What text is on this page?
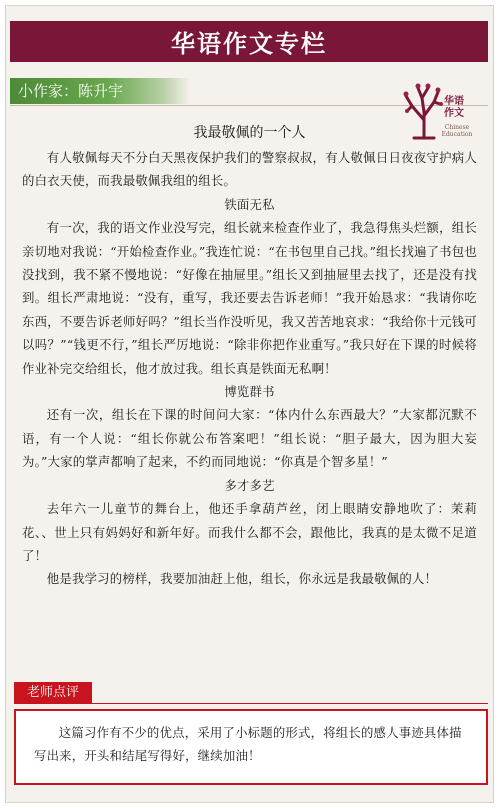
华语作文专栏
小作家：陈升宇
华语
作文
Chinese
Education
我最敬佩的一个人

有人敬佩每天不分白天黑夜保护我们的警察叔叔，有人敬佩日日夜夜守护病人的白衣天使，而我最敬佩我组的组长。

铁面无私

有一次，我的语文作业没写完，组长就来检查作业了，我急得焦头烂额，组长亲切地对我说：“开始检查作业。”我连忙说：“在书包里自己找。”组长找遍了书包也没找到，我不紧不慢地说：“好像在抽屉里。”组长又到抽屉里去找了，还是没有找到。组长严肃地说：“没有，重写，我还要去告诉老师！”我开始恳求：“我请你吃东西，不要告诉老师好吗？”组长当作没听见，我又苦苦地哀求：“我给你十元钱可以吗？”“钱更不行，”组长严厉地说：“除非你把作业重写。”我只好在下课的时候将作业补完交给组长，他才放过我。组长真是铁面无私啊！

博览群书

还有一次，组长在下课的时间问大家：“体内什么东西最大？”大家都沉默不语，有一个人说：“组长你就公布答案吧！”组长说：“胆子最大，因为胆大妄为。”大家的掌声都响了起来，不约而同地说：“你真是个智多星！”

多才多艺

去年六一儿童节的舞台上，他还手拿葫芦丝，闭上眼睛安静地吹了：茉莉花、、世上只有妈妈好和新年好。而我什么都不会，跟他比，我真的是太微不足道了！

他是我学习的榜样，我要加油赶上他，组长，你永远是我最敬佩的人！

老师点评

这篇习作有不少的优点，采用了小标题的形式，将组长的感人事迹具体描写出来，开头和结尾写得好，继续加油！
